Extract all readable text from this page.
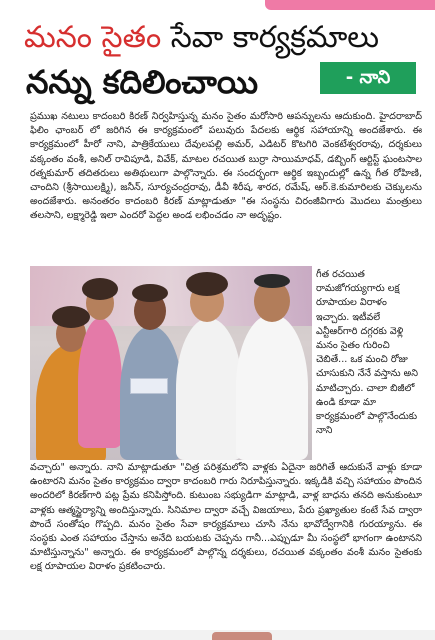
మనం సైతం సేవా కార్యక్రమాలు
నన్ను కదిలించాయి	- నాని

ప్రముఖ నటులు కాదంబరి కిరణ్ నిర్వహిస్తున్న మనం సైతం మరోసారి ఆపన్నులను ఆదుకుంది. హైదరాబాద్ ఫిలిం ఛాంబర్ లో జరిగిన ఈ కార్యక్రమంలో పలువురు పేదలకు ఆర్థిక సహాయాన్ని అందజేశారు. ఈ కార్యక్రమంలో హీరో నాని, పాత్రికేయులు దేవులపల్లి అమర్, ఎడిటర్ కొటగిరి వెంకటేశ్వరరావు, దర్శకులు వక్కంతం వంశీ, అనిల్ రావిపూడి, వివేక్, మాటల రచయిత బుర్రా సాయిమాధవ్, డబ్బింగ్ ఆర్టిస్ట్ ఘంటసాల రత్నకుమార్ తదితరులు అతిథులుగా పాల్గొన్నారు. ఈ సందర్భంగా ఆర్థిక ఇబ్బందుల్లో ఉన్న గీత రోహిణి, చాందిని (శ్రీసాయిలక్ష్మి), జనీన్, సూర్యచంద్రరావు, డీవీ శిరీష, శారద, రమేష్, ఆర్.కె.కుమారిలకు చెక్కులను అందజేశారు. అనంతరం కాదంబరి కిరణ్ మాట్లాడుతూ "ఈ సంస్థను చిరంజీవిగారు మొదలు మంత్రులు తలసాని, లక్ష్మారెడ్డి ఇలా ఎందరో పెద్దల అండ లభించడం నా అదృష్టం.

గీత రచయిత రామజోగయ్యగారు లక్ష రూపాయల విరాళం ఇచ్చారు. ఇటీవలే ఎన్టీఆర్‌గారి దగ్గరకు వెళ్లి మనం సైతం గురించి చెబితే... ఒక మంచి రోజు చూసుకుని నేనే వస్తాను అని మాటిచ్చారు. చాలా బిజీలో ఉండి కూడా మా కార్యక్రమంలో పాల్గొనేందుకు నాని

వచ్చారు" అన్నారు. నాని మాట్లాడుతూ "చిత్ర పరిశ్రమలోని వాళ్లకు ఏదైనా జరిగితే ఆదుకునే వాళ్లు కూడా ఉంటారని మనం సైతం కార్యక్రమం ద్వారా కాదంబరి గారు నిరూపిస్తున్నారు. ఇక్కడికి వచ్చి సహాయం పొందిన అందరిలో కిరణ్‌గారి పట్ల ప్రేమ కనిపిస్తోంది. కుటుంబ సభ్యుడిగా మాట్లాడి, వాళ్ల బాధను తనది అనుకుంటూ వాళ్లకు ఆత్మస్థైర్యాన్ని అందిస్తున్నారు. సినిమాల ద్వారా వచ్చే విజయాలు, పేరు ప్రఖ్యాతుల కంటే సేవ ద్వారా పొందే సంతోషం గొప్పది. మనం సైతం సేవా కార్యక్రమాలు చూసి నేను భావోద్వేగానికి గురయ్యాను. ఈ సంస్థకు ఎంత సహాయం చేస్తాను అనేది బయటకు చెప్పను గానీ...ఎప్పుడూ మీ సంస్థలో భాగంగా ఉంటానని మాటిస్తున్నాను" అన్నారు. ఈ కార్యక్రమంలో పాల్గొన్న దర్శకులు, రచయిత వక్కంతం వంశీ మనం సైతంకు లక్ష రూపాయల విరాళం ప్రకటించారు.
